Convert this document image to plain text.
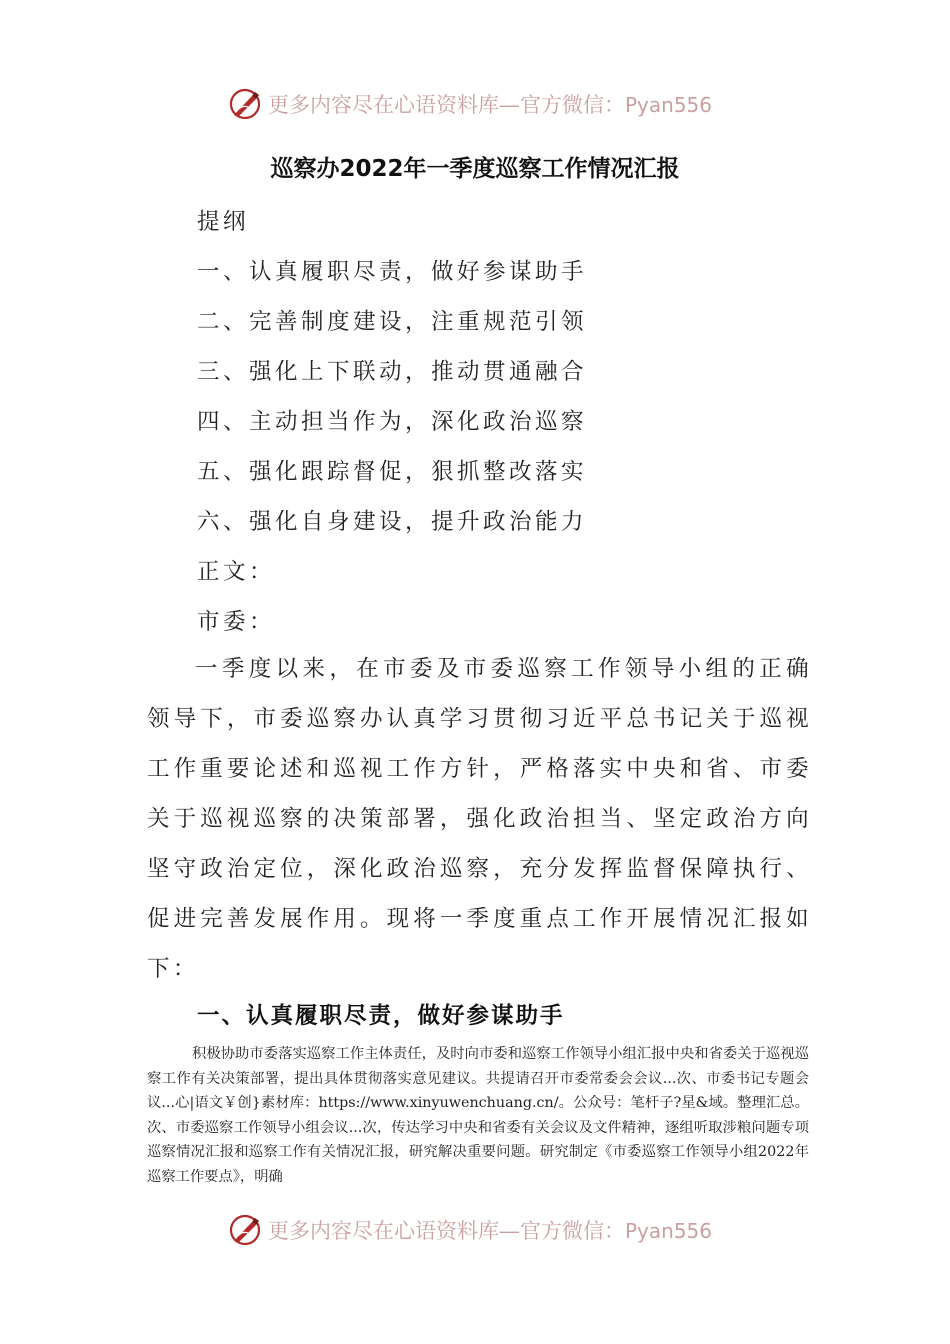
更多内容尽在心语资料库—官方微信：Pyan556
巡察办2022年一季度巡察工作情况汇报
提纲
一、认真履职尽责，做好参谋助手
二、完善制度建设，注重规范引领
三、强化上下联动，推动贯通融合
四、主动担当作为，深化政治巡察
五、强化跟踪督促，狠抓整改落实
六、强化自身建设，提升政治能力
正文：
市委：
一季度以来，在市委及市委巡察工作领导小组的正确领导下，市委巡察办认真学习贯彻习近平总书记关于巡视工作重要论述和巡视工作方针，严格落实中央和省、市委关于巡视巡察的决策部署，强化政治担当、坚定政治方向坚守政治定位，深化政治巡察，充分发挥监督保障执行、促进完善发展作用。现将一季度重点工作开展情况汇报如下：
一、认真履职尽责，做好参谋助手
积极协助市委落实巡察工作主体责任，及时向市委和巡察工作领导小组汇报中央和省委关于巡视巡察工作有关决策部署，提出具体贯彻落实意见建议。共提请召开市委常委会会议...次、市委书记专题会议...心|语文￥创}素材库：https://www.xinyuwenchuang.cn/。公众号：笔杆子?星&域。整理汇总。次、市委巡察工作领导小组会议...次，传达学习中央和省委有关会议及文件精神，逐组听取涉粮问题专项巡察情况汇报和巡察工作有关情况汇报，研究解决重要问题。研究制定《市委巡察工作领导小组2022年巡察工作要点》，明确
更多内容尽在心语资料库—官方微信：Pyan556
